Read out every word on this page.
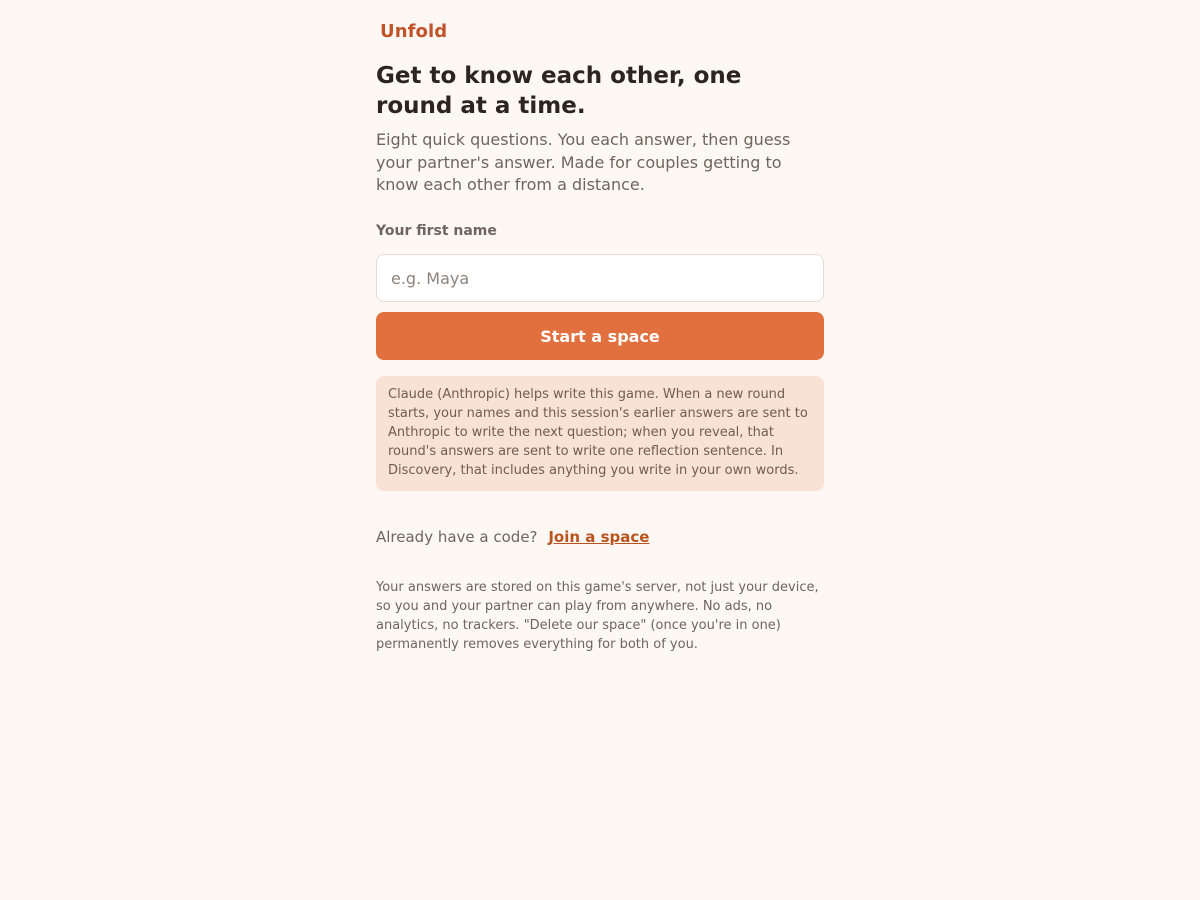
Unfold
Get to know each other, one round at a time.

Eight quick questions. You each answer, then guess your partner's answer. Made for couples getting to know each other from a distance.

Your first name
e.g. Maya
Start a space
Claude (Anthropic) helps write this game. When a new round starts, your names and this session's earlier answers are sent to Anthropic to write the next question; when you reveal, that round's answers are sent to write one reflection sentence. In Discovery, that includes anything you write in your own words.
Already have a code? Join a space

Your answers are stored on this game's server, not just your device, so you and your partner can play from anywhere. No ads, no analytics, no trackers. "Delete our space" (once you're in one) permanently removes everything for both of you.
